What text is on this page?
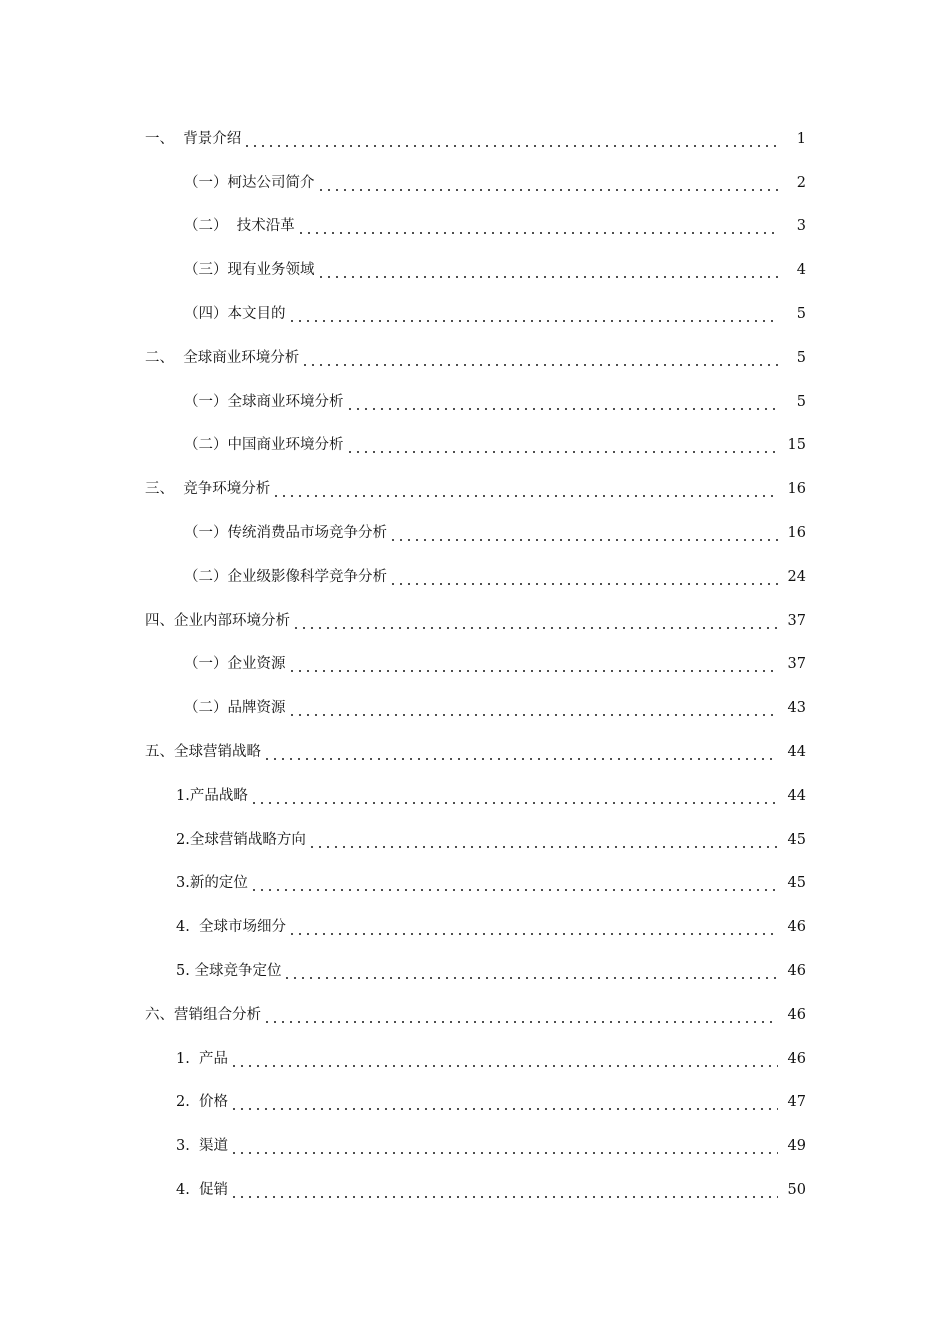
一、  背景介绍	1
（一）柯达公司简介	2
（二）  技术沿革	3
（三）现有业务领域	4
（四）本文目的	5
二、  全球商业环境分析	5
（一）全球商业环境分析	5
（二）中国商业环境分析	15
三、  竞争环境分析	16
（一）传统消费品市场竞争分析	16
（二）企业级影像科学竞争分析	24
四、企业内部环境分析	37
（一）企业资源	37
（二）品牌资源	43
五、全球营销战略	44
1.产品战略	44
2.全球营销战略方向	45
3.新的定位	45
4.  全球市场细分	46
5. 全球竞争定位	46
六、营销组合分析	46
1.  产品	46
2.  价格	47
3.  渠道	49
4.  促销	50
